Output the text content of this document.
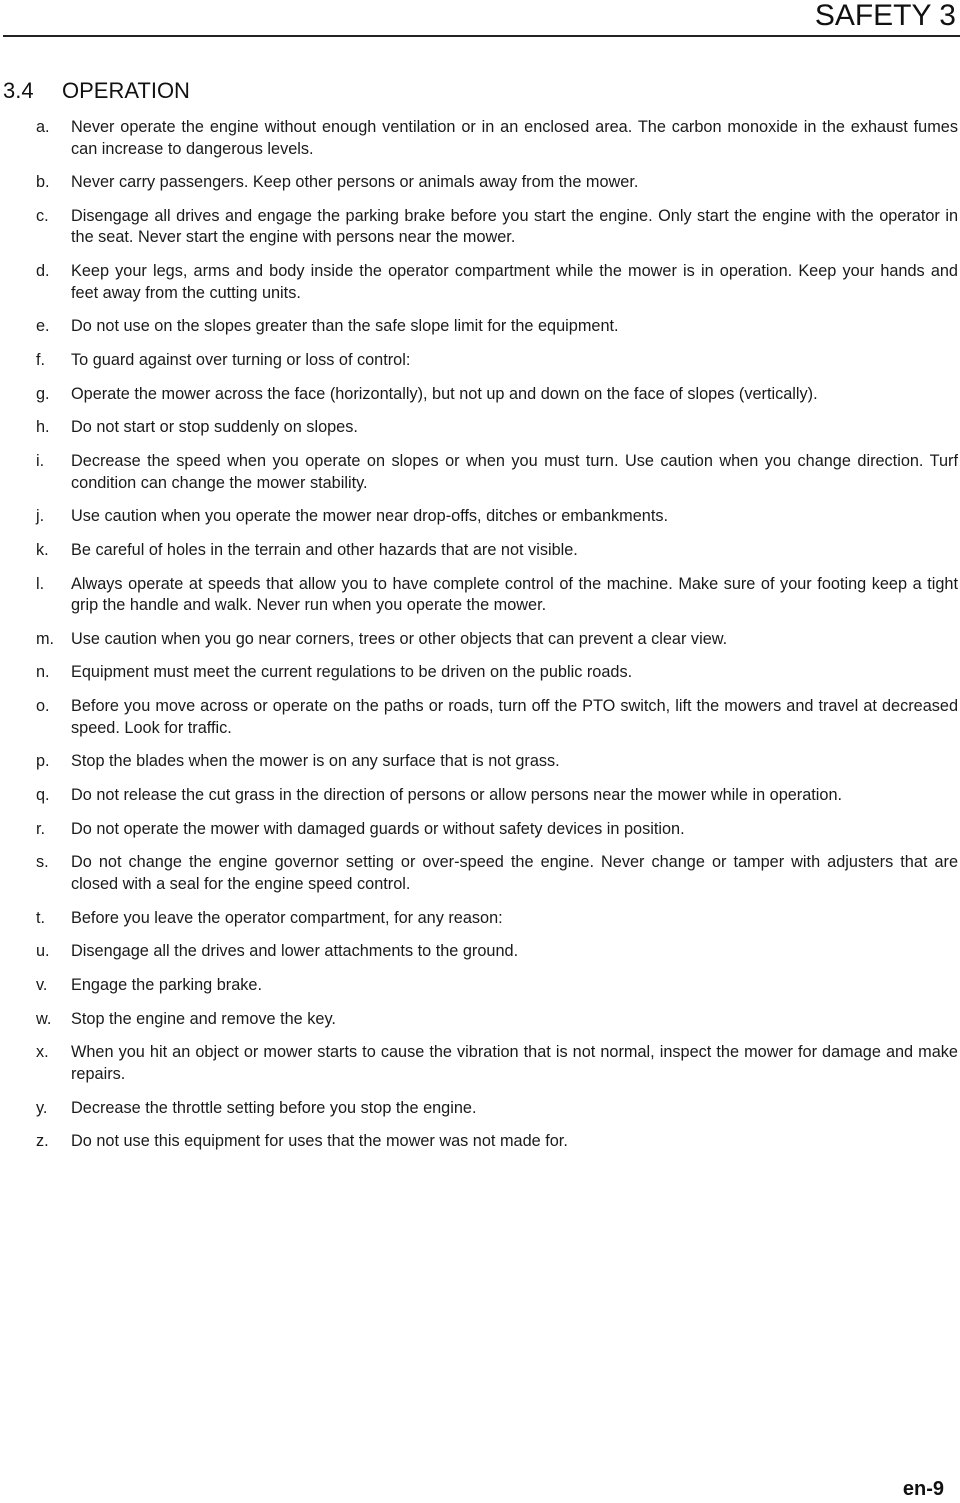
SAFETY 3
3.4 OPERATION
a. Never operate the engine without enough ventilation or in an enclosed area. The carbon monoxide in the exhaust fumes can increase to dangerous levels.
b. Never carry passengers. Keep other persons or animals away from the mower.
c. Disengage all drives and engage the parking brake before you start the engine. Only start the engine with the operator in the seat. Never start the engine with persons near the mower.
d. Keep your legs, arms and body inside the operator compartment while the mower is in operation. Keep your hands and feet away from the cutting units.
e. Do not use on the slopes greater than the safe slope limit for the equipment.
f. To guard against over turning or loss of control:
g. Operate the mower across the face (horizontally), but not up and down on the face of slopes (vertically).
h. Do not start or stop suddenly on slopes.
i. Decrease the speed when you operate on slopes or when you must turn. Use caution when you change direction. Turf condition can change the mower stability.
j. Use caution when you operate the mower near drop-offs, ditches or embankments.
k. Be careful of holes in the terrain and other hazards that are not visible.
l. Always operate at speeds that allow you to have complete control of the machine. Make sure of your footing keep a tight grip the handle and walk. Never run when you operate the mower.
m. Use caution when you go near corners, trees or other objects that can prevent a clear view.
n. Equipment must meet the current regulations to be driven on the public roads.
o. Before you move across or operate on the paths or roads, turn off the PTO switch, lift the mowers and travel at decreased speed. Look for traffic.
p. Stop the blades when the mower is on any surface that is not grass.
q. Do not release the cut grass in the direction of persons or allow persons near the mower while in operation.
r. Do not operate the mower with damaged guards or without safety devices in position.
s. Do not change the engine governor setting or over-speed the engine. Never change or tamper with adjusters that are closed with a seal for the engine speed control.
t. Before you leave the operator compartment, for any reason:
u. Disengage all the drives and lower attachments to the ground.
v. Engage the parking brake.
w. Stop the engine and remove the key.
x. When you hit an object or mower starts to cause the vibration that is not normal, inspect the mower for damage and make repairs.
y. Decrease the throttle setting before you stop the engine.
z. Do not use this equipment for uses that the mower was not made for.
en-9
